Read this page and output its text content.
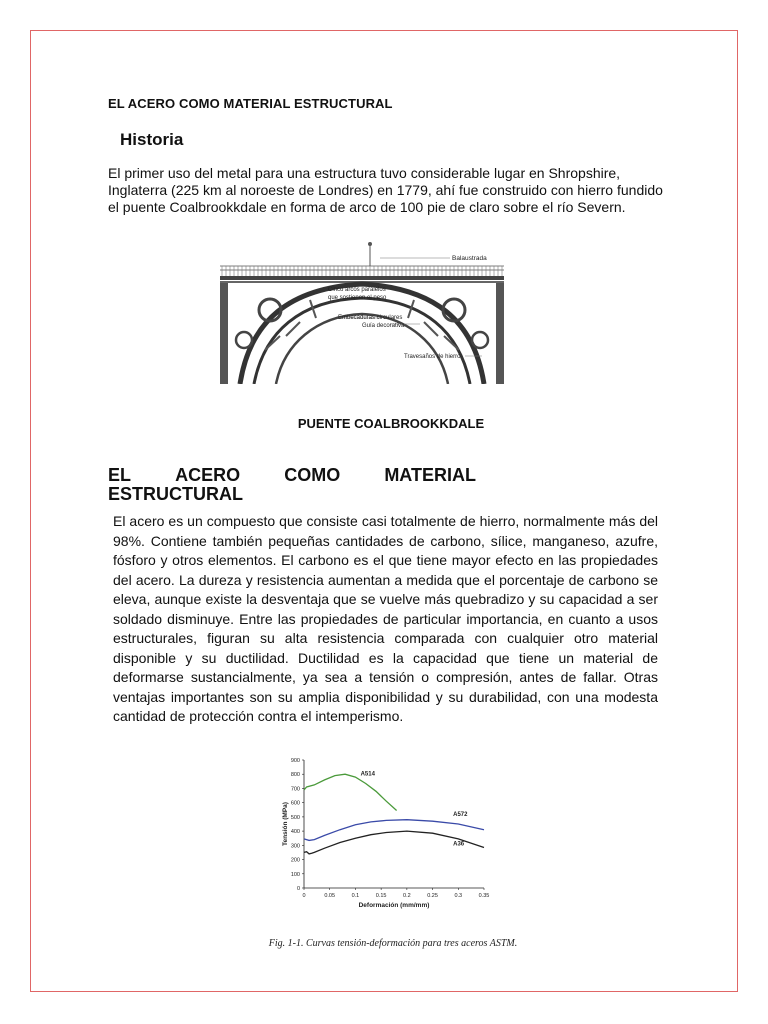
EL ACERO COMO MATERIAL ESTRUCTURAL
Historia
El primer uso del metal para una estructura tuvo considerable lugar en Shropshire, Inglaterra (225 km al noroeste de Londres) en 1779, ahí fue construido con hierro fundido el puente Coalbrookkdale en forma de arco de 100 pie de claro sobre el río Severn.
Balaustrada
Cinco arcos paralelos
que sostienen el peso
Embecaduras circulares
Guía decorativa
Travesaños de hierro
PUENTE COALBROOKKDALE
EL ACERO COMO MATERIAL
ESTRUCTURAL
El acero es un compuesto que consiste casi totalmente de hierro, normalmente más del 98%. Contiene también pequeñas cantidades de carbono, sílice, manganeso, azufre, fósforo y otros elementos. El carbono es el que tiene mayor efecto en las propiedades del acero. La dureza y resistencia aumentan a medida que el porcentaje de carbono se eleva, aunque existe la desventaja que se vuelve más quebradizo y su capacidad a ser soldado disminuye. Entre las propiedades de particular importancia, en cuanto a usos estructurales, figuran su alta resistencia comparada con cualquier otro material disponible y su ductilidad. Ductilidad es la capacidad que tiene un material de deformarse sustancialmente, ya sea a tensión o compresión, antes de fallar. Otras ventajas importantes son su amplia disponibilidad y su durabilidad, con una modesta cantidad de protección contra el intemperismo.
0
100
200
300
400
500
600
700
800
900
0	0.05	0.1	0.15	0.2	0.25	0.3	0.35
Deformación (mm/mm)
Tensión (MPa)
A514
A572
A36
Fig. 1-1. Curvas tensión-deformación para tres aceros ASTM.
